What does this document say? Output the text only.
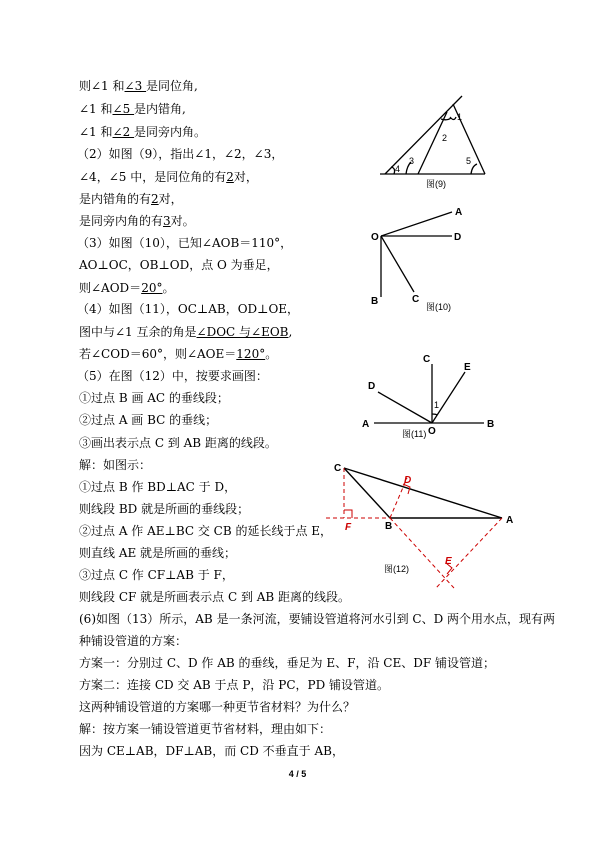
则∠1 和∠3 是同位角,
∠1 和∠5 是内错角,
∠1 和∠2 是同旁内角。
（2）如图（9），指出∠1，∠2，∠3，
∠4，∠5 中，是同位角的有2对，
是内错角的有2对，
是同旁内角的有3对。
（3）如图（10），已知∠AOB＝110°，
AO⊥OC，OB⊥OD，点 O 为垂足，
则∠AOD＝20°。
（4）如图（11），OC⊥AB，OD⊥OE，
图中与∠1 互余的角是∠DOC 与∠EOB,
若∠COD＝60°，则∠AOE＝120°。
（5）在图（12）中，按要求画图：
①过点 B 画 AC 的垂线段；
②过点 A 画 BC 的垂线；
③画出表示点 C 到 AB 距离的线段。
解：如图示：
①过点 B 作 BD⊥AC 于 D，
则线段 BD 就是所画的垂线段；
②过点 A 作 AE⊥BC 交 CB 的延长线于点 E，
则直线 AE 就是所画的垂线；
③过点 C 作 CF⊥AB 于 F，
则线段 CF 就是所画表示点 C 到 AB 距离的线段。
(6)如图（13）所示，AB 是一条河流，要铺设管道将河水引到 C、D 两个用水点，现有两
种铺设管道的方案：
方案一：分别过 C、D 作 AB 的垂线，垂足为 E、F，沿 CE、DF 铺设管道；
方案二：连接 CD 交 AB 于点 P，沿 PC，PD 铺设管道。
这两种铺设管道的方案哪一种更节省材料？为什么？
解：按方案一铺设管道更节省材料，理由如下：
因为 CE⊥AB，DF⊥AB，而 CD 不垂直于 AB，
1
2
3
4
5
图(9)
A
O	D
B	C
图(10)
C
E
D
A
O
B
1
图(11)
C
D
F	B
A
E
图(12)
4 / 5
